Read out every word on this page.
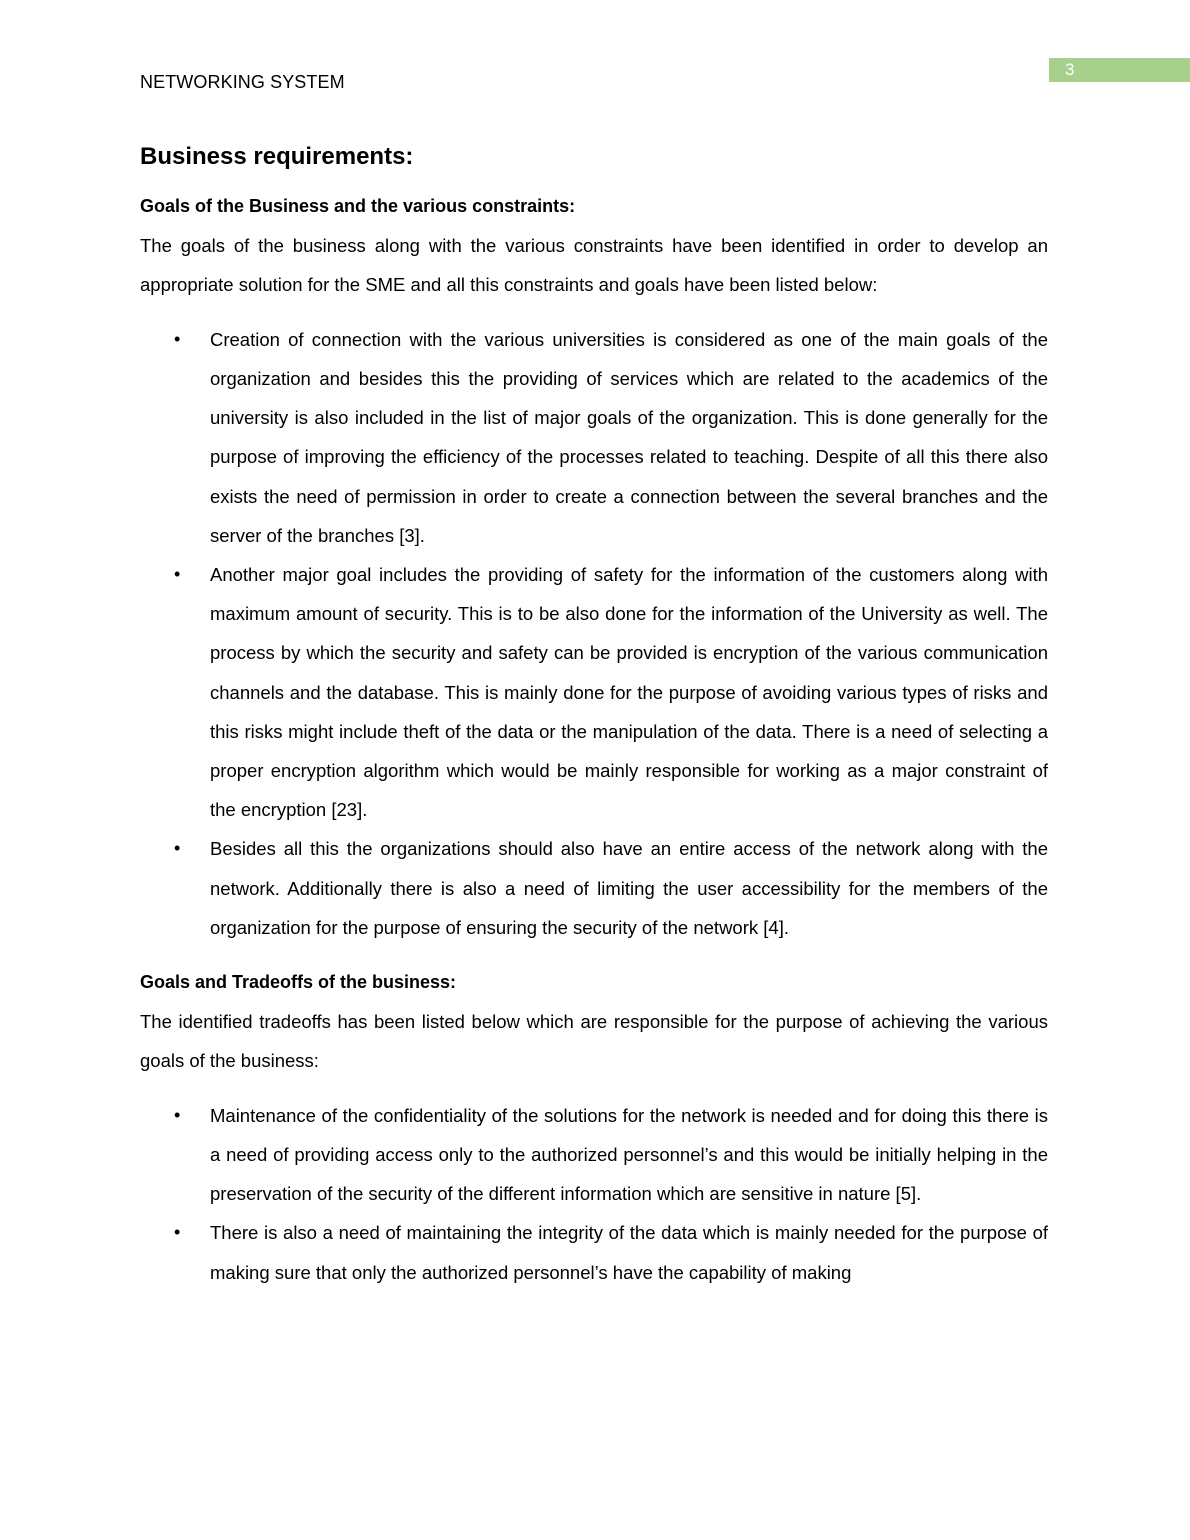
3
NETWORKING SYSTEM
Business requirements:
Goals of the Business and the various constraints:

The goals of the business along with the various constraints have been identified in order to develop an appropriate solution for the SME and all this constraints and goals have been listed below:

• Creation of connection with the various universities is considered as one of the main goals of the organization and besides this the providing of services which are related to the academics of the university is also included in the list of major goals of the organization. This is done generally for the purpose of improving the efficiency of the processes related to teaching. Despite of all this there also exists the need of permission in order to create a connection between the several branches and the server of the branches [3].
• Another major goal includes the providing of safety for the information of the customers along with maximum amount of security. This is to be also done for the information of the University as well. The process by which the security and safety can be provided is encryption of the various communication channels and the database. This is mainly done for the purpose of avoiding various types of risks and this risks might include theft of the data or the manipulation of the data. There is a need of selecting a proper encryption algorithm which would be mainly responsible for working as a major constraint of the encryption [23].
• Besides all this the organizations should also have an entire access of the network along with the network. Additionally there is also a need of limiting the user accessibility for the members of the organization for the purpose of ensuring the security of the network [4].
Goals and Tradeoffs of the business:

The identified tradeoffs has been listed below which are responsible for the purpose of achieving the various goals of the business:

• Maintenance of the confidentiality of the solutions for the network is needed and for doing this there is a need of providing access only to the authorized personnel’s and this would be initially helping in the preservation of the security of the different information which are sensitive in nature [5].
• There is also a need of maintaining the integrity of the data which is mainly needed for the purpose of making sure that only the authorized personnel’s have the capability of making
